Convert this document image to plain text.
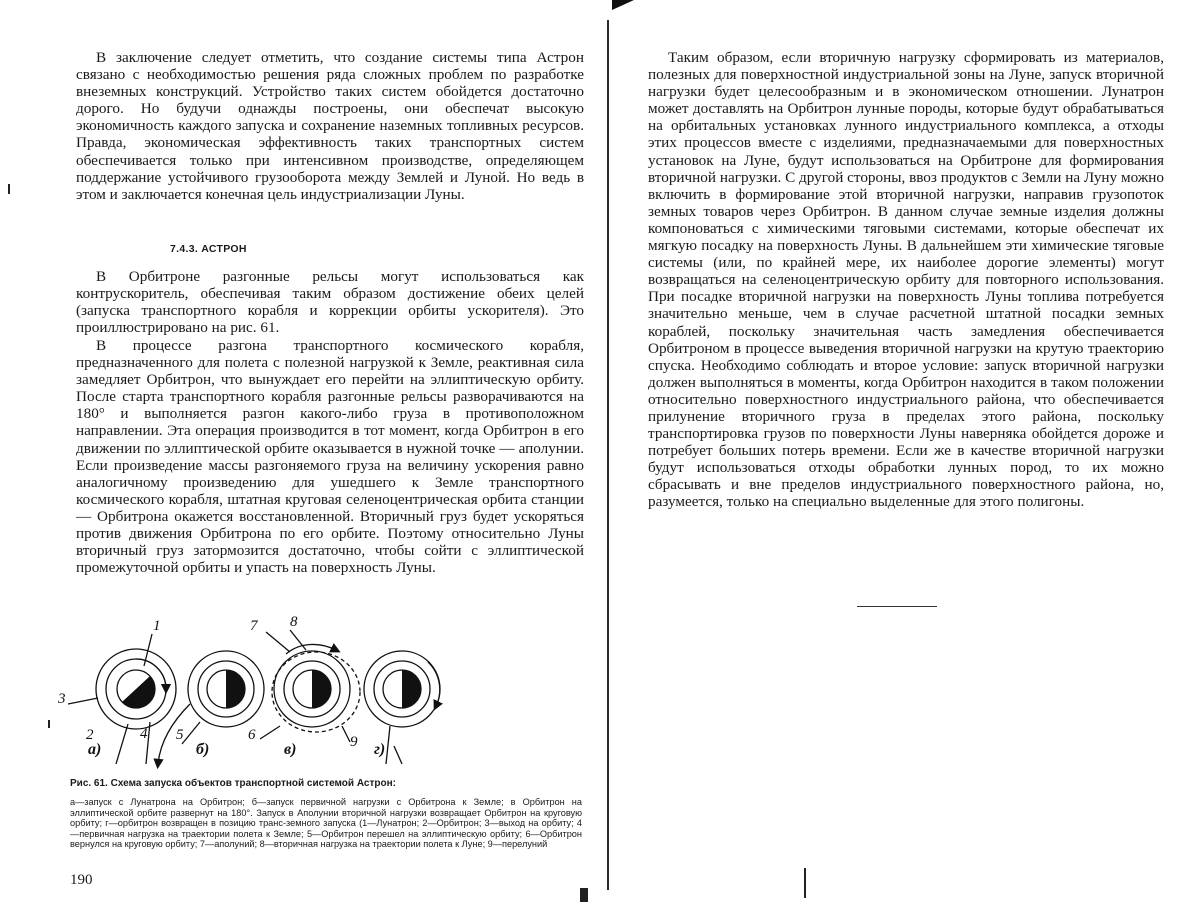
В заключение следует отметить, что создание системы типа Астрон связано с необходимостью решения ряда сложных проблем по разработке внеземных конструкций. Устройство таких систем обойдется достаточно дорого. Но будучи однажды построены, они обеспечат высокую экономичность каждого запуска и сохранение наземных топливных ресурсов. Правда, экономическая эффективность таких транспортных систем обеспечивается только при интенсивном производстве, определяющем поддержание устойчивого грузооборота между Землей и Луной. Но ведь в этом и заключается конечная цель индустриализации Луны.

7.4.3. АСТРОН

В Орбитроне разгонные рельсы могут использоваться как контрускоритель, обеспечивая таким образом достижение обеих целей (запуска транспортного корабля и коррекции орбиты ускорителя). Это проиллюстрировано на рис. 61.

В процессе разгона транспортного космического корабля, предназначенного для полета с полезной нагрузкой к Земле, реактивная сила замедляет Орбитрон, что вынуждает его перейти на эллиптическую орбиту. После старта транспортного корабля разгонные рельсы разворачиваются на 180° и выполняется разгон какого-либо груза в противоположном направлении. Эта операция производится в тот момент, когда Орбитрон в его движении по эллиптической орбите оказывается в нужной точке — аполунии. Если произведение массы разгоняемого груза на величину ускорения равно аналогичному произведению для ушедшего к Земле транспортного космического корабля, штатная круговая селеноцентрическая орбита станции — Орбитрона окажется восстановленной. Вторичный груз будет ускоряться против движения Орбитрона по его орбите. Поэтому относительно Луны вторичный груз затормозится достаточно, чтобы сойти с эллиптической промежуточной орбиты и упасть на поверхность Луны.

1
3
2	4 5	6
7 8
9
а)	б)	в)	г)
Рис. 61. Схема запуска объектов транспортной системой Астрон:

а—запуск с Лунатрона на Орбитрон; б—запуск первичной нагрузки с Орбитрона к Земле; в Орбитрон на эллиптической орбите развернут на 180°. Запуск в Аполунии вторичной нагрузки возвращает Орбитрон на круговую орбиту; г—орбитрон возвращен в позицию транс-земного запуска (1—Лунатрон; 2—Орбитрон; 3—выход на орбиту; 4—первичная нагрузка на траектории полета к Земле; 5—Орбитрон перешел на эллиптическую орбиту; 6—Орбитрон вернулся на круговую орбиту; 7—аполуний; 8—вторичная нагрузка на траектории полета к Луне; 9—перелуний

190

Таким образом, если вторичную нагрузку сформировать из материалов, полезных для поверхностной индустриальной зоны на Луне, запуск вторичной нагрузки будет целесообразным и в экономическом отношении. Лунатрон может доставлять на Орбитрон лунные породы, которые будут обрабатываться на орбитальных установках лунного индустриального комплекса, а отходы этих процессов вместе с изделиями, предназначаемыми для поверхностных установок на Луне, будут использоваться на Орбитроне для формирования вторичной нагрузки. С другой стороны, ввоз продуктов с Земли на Луну можно включить в формирование этой вторичной нагрузки, направив грузопоток земных товаров через Орбитрон. В данном случае земные изделия должны компоноваться с химическими тяговыми системами, которые обеспечат их мягкую посадку на поверхность Луны. В дальнейшем эти химические тяговые системы (или, по крайней мере, их наиболее дорогие элементы) могут возвращаться на селеноцентрическую орбиту для повторного использования. При посадке вторичной нагрузки на поверхность Луны топлива потребуется значительно меньше, чем в случае расчетной штатной посадки земных кораблей, поскольку значительная часть замедления обеспечивается Орбитроном в процессе выведения вторичной нагрузки на крутую траекторию спуска. Необходимо соблюдать и второе условие: запуск вторичной нагрузки должен выполняться в моменты, когда Орбитрон находится в таком положении относительно поверхностного индустриального района, что обеспечивается прилунение вторичного груза в пределах этого района, поскольку транспортировка грузов по поверхности Луны наверняка обойдется дороже и потребует больших потерь времени. Если же в качестве вторичной нагрузки будут использоваться отходы обработки лунных пород, то их можно сбрасывать и вне пределов индустриального поверхностного района, но, разумеется, только на специально выделенные для этого полигоны.
